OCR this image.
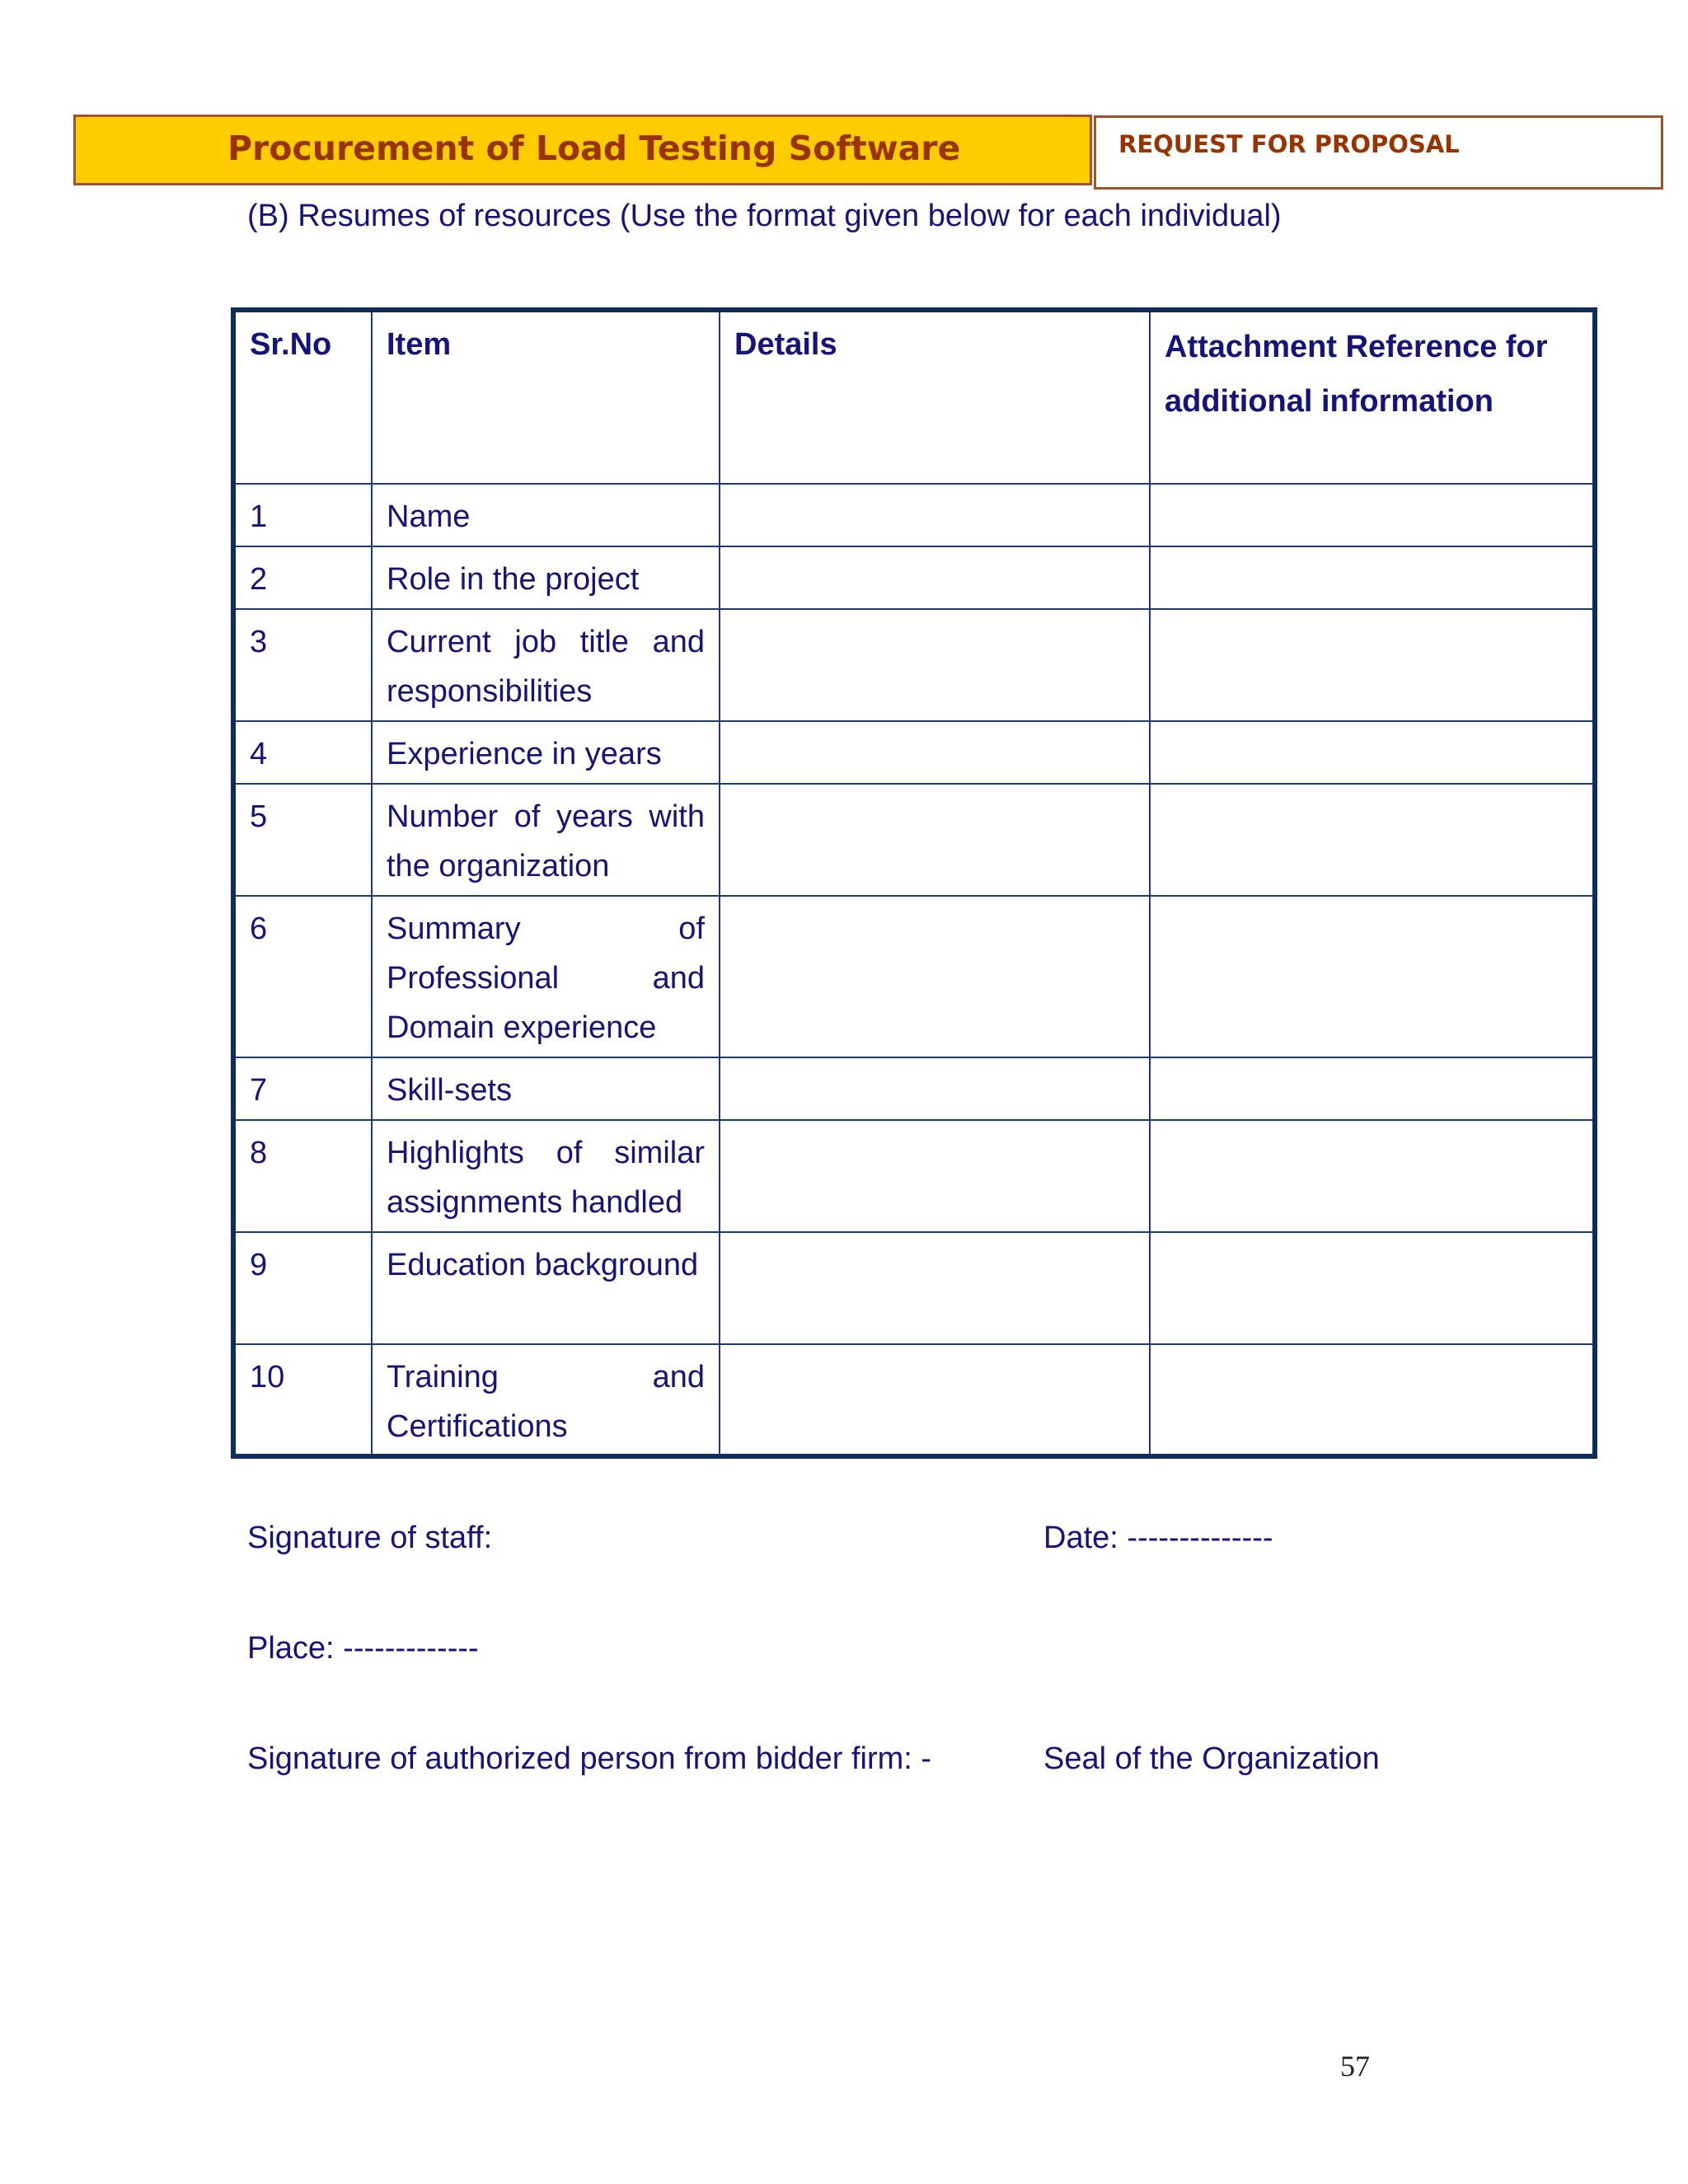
Procurement of Load Testing Software	REQUEST FOR PROPOSAL
(B) Resumes of resources (Use the format given below for each individual)
Sr.No	Item	Details	Attachment Reference for additional information
1	Name		
2	Role in the project		
3	Current job title and responsibilities		
4	Experience in years		
5	Number of years with the organization		
6	Summary of Professional and Domain experience		
7	Skill-sets		
8	Highlights of similar assignments handled		
9	Education background		
10	Training and Certifications		
Signature of staff:	Date: --------------
Place: -------------
Signature of authorized person from bidder firm: -	Seal of the Organization
57
